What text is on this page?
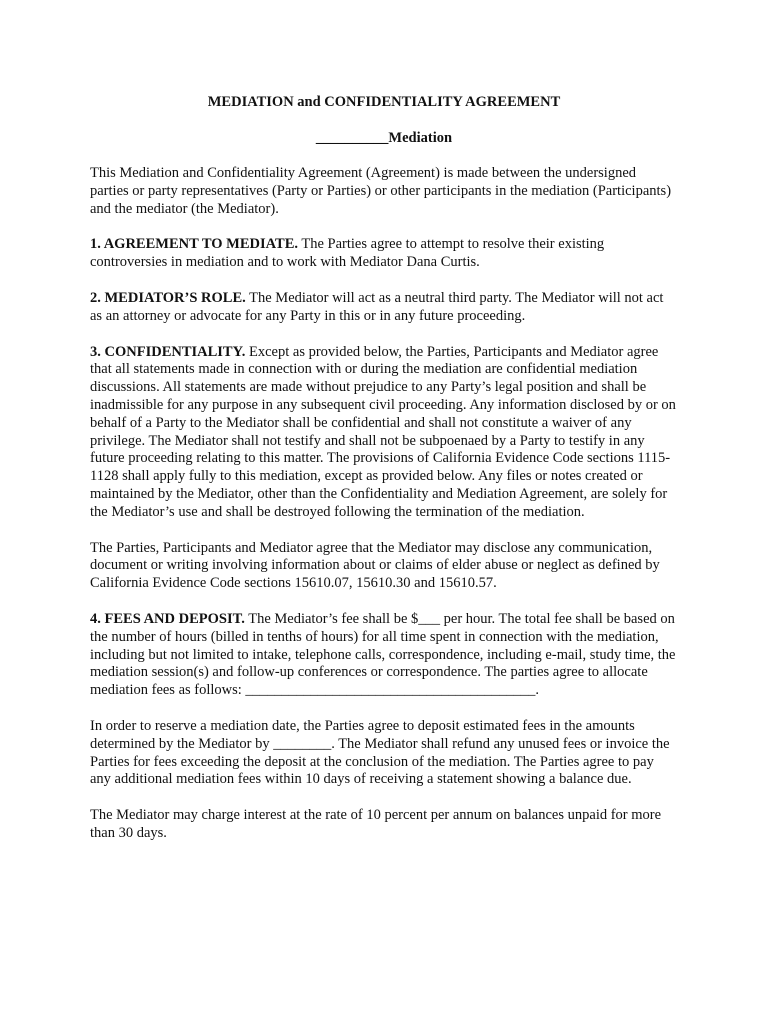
MEDIATION and CONFIDENTIALITY AGREEMENT

__________Mediation

This Mediation and Confidentiality Agreement (Agreement) is made between the undersigned parties or party representatives (Party or Parties) or other participants in the mediation (Participants) and the mediator (the Mediator).

1. AGREEMENT TO MEDIATE. The Parties agree to attempt to resolve their existing controversies in mediation and to work with Mediator Dana Curtis.

2. MEDIATOR’S ROLE. The Mediator will act as a neutral third party. The Mediator will not act as an attorney or advocate for any Party in this or in any future proceeding.

3. CONFIDENTIALITY. Except as provided below, the Parties, Participants and Mediator agree that all statements made in connection with or during the mediation are confidential mediation discussions. All statements are made without prejudice to any Party’s legal position and shall be inadmissible for any purpose in any subsequent civil proceeding. Any information disclosed by or on behalf of a Party to the Mediator shall be confidential and shall not constitute a waiver of any privilege. The Mediator shall not testify and shall not be subpoenaed by a Party to testify in any future proceeding relating to this matter. The provisions of California Evidence Code sections 1115-1128 shall apply fully to this mediation, except as provided below. Any files or notes created or maintained by the Mediator, other than the Confidentiality and Mediation Agreement, are solely for the Mediator’s use and shall be destroyed following the termination of the mediation.

The Parties, Participants and Mediator agree that the Mediator may disclose any communication, document or writing involving information about or claims of elder abuse or neglect as defined by California Evidence Code sections 15610.07, 15610.30 and 15610.57.

4. FEES AND DEPOSIT. The Mediator’s fee shall be $___ per hour. The total fee shall be based on the number of hours (billed in tenths of hours) for all time spent in connection with the mediation, including but not limited to intake, telephone calls, correspondence, including e-mail, study time, the mediation session(s) and follow-up conferences or correspondence. The parties agree to allocate mediation fees as follows: ________________________________________.

In order to reserve a mediation date, the Parties agree to deposit estimated fees in the amounts determined by the Mediator by ________. The Mediator shall refund any unused fees or invoice the Parties for fees exceeding the deposit at the conclusion of the mediation. The Parties agree to pay any additional mediation fees within 10 days of receiving a statement showing a balance due.

The Mediator may charge interest at the rate of 10 percent per annum on balances unpaid for more than 30 days.
